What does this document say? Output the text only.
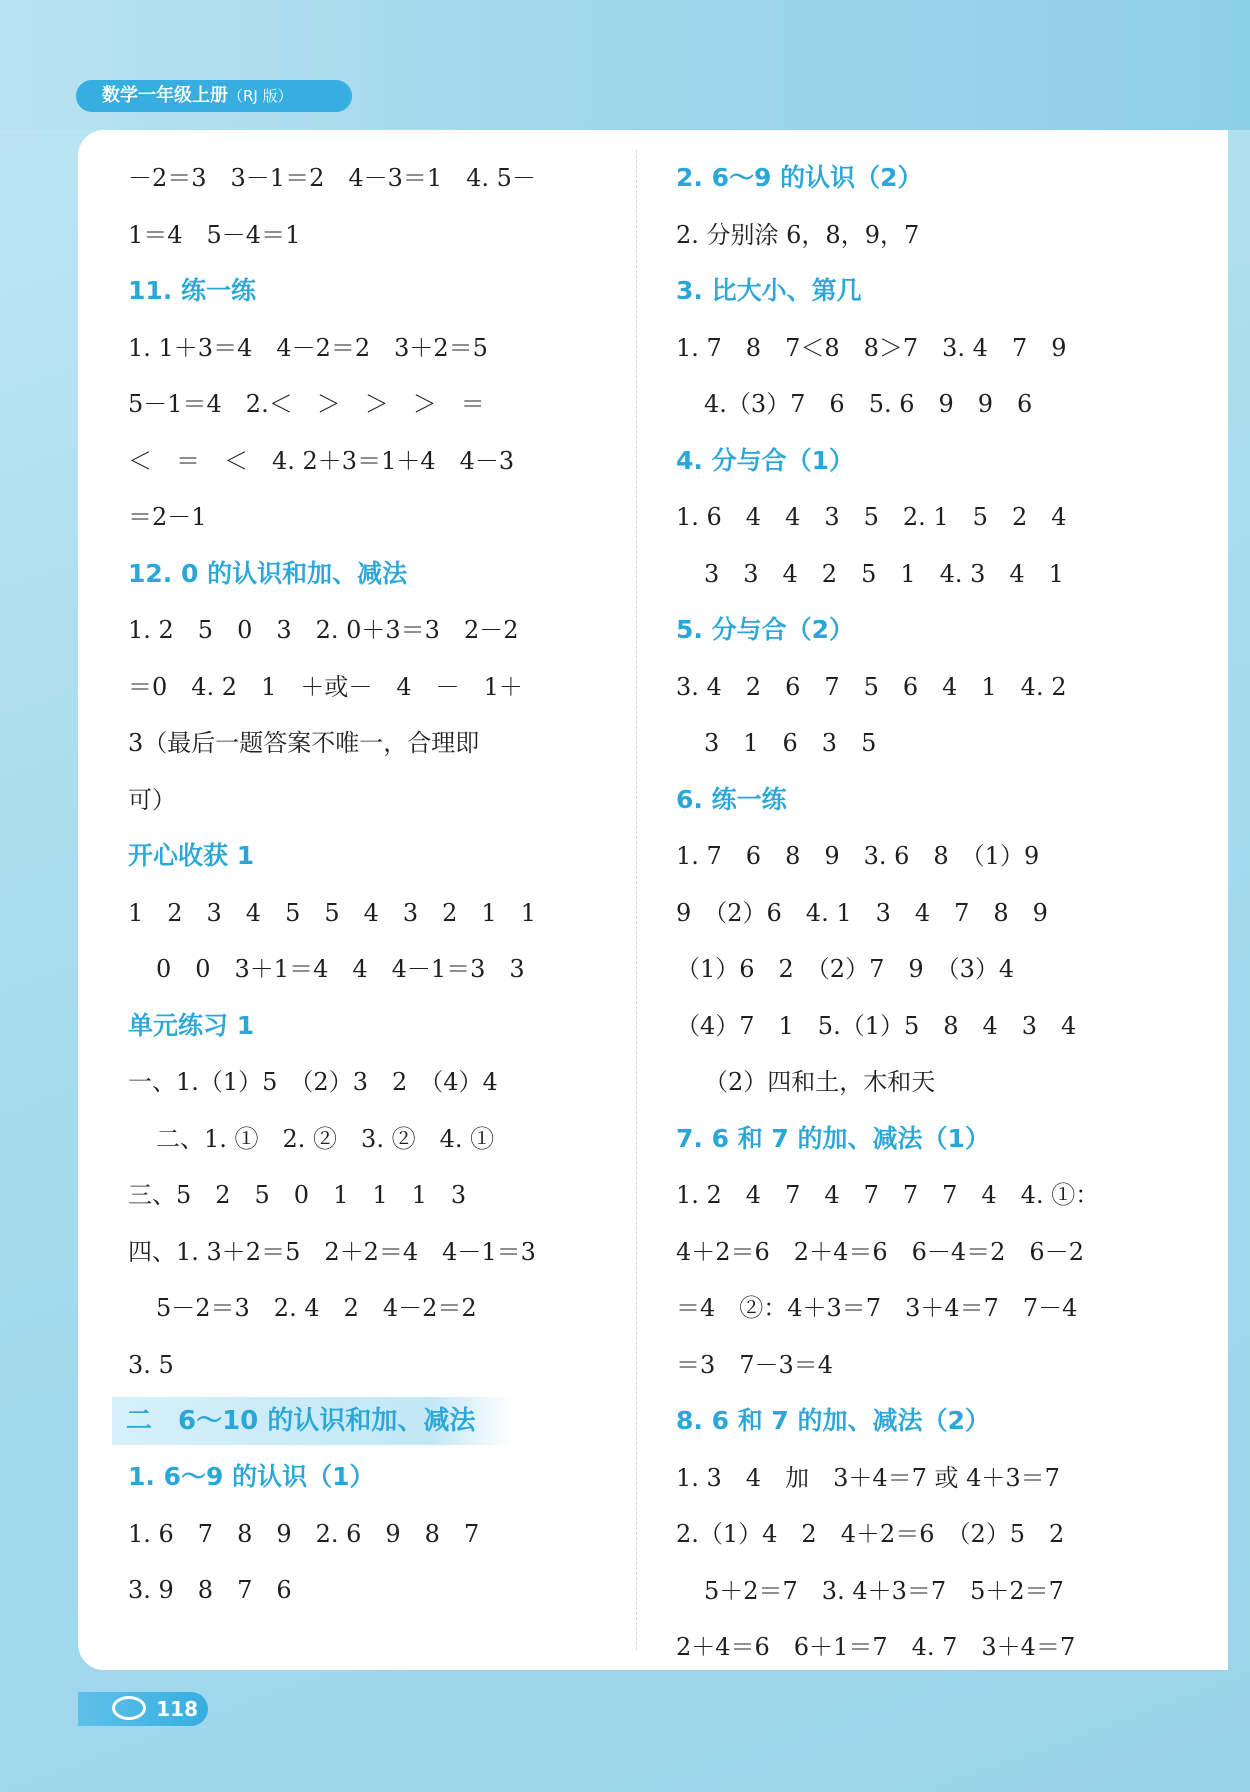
数学一年级上册（RJ 版）
－2＝3　3－1＝2　4－3＝1　4. 5－
1＝4　5－4＝1
11. 练一练
1. 1＋3＝4　4－2＝2　3＋2＝5
5－1＝4　2.＜　＞　＞　＞　＝
＜　＝　＜　4. 2＋3＝1＋4　4－3
＝2－1
12. 0 的认识和加、减法
1. 2　5　0　3　2. 0＋3＝3　2－2
＝0　4. 2　1　＋或－　4　－　1＋
3（最后一题答案不唯一，合理即
可）
开心收获 1
1　2　3　4　5　5　4　3　2　1　1
0　0　3＋1＝4　4　4－1＝3　3
单元练习 1
一、1.（1）5　（2）3　2　（4）4
二、1. ①　2. ②　3. ②　4. ①
三、5　2　5　0　1　1　1　3
四、1. 3＋2＝5　2＋2＝4　4－1＝3
5－2＝3　2. 4　2　4－2＝2
3. 5
二　6～10 的认识和加、减法
1. 6～9 的认识（1）
1. 6　7　8　9　2. 6　9　8　7
3. 9　8　7　6
2. 6～9 的认识（2）
2. 分别涂 6，8，9，7
3. 比大小、第几
1. 7　8　7＜8　8＞7　3. 4　7　9
4.（3）7　6　5. 6　9　9　6
4. 分与合（1）
1. 6　4　4　3　5　2. 1　5　2　4
3　3　4　2　5　1　4. 3　4　1
5. 分与合（2）
3. 4　2　6　7　5　6　4　1　4. 2
3　1　6　3　5
6. 练一练
1. 7　6　8　9　3. 6　8　（1）9
9　（2）6　4. 1　3　4　7　8　9
（1）6　2　（2）7　9　（3）4
（4）7　1　5.（1）5　8　4　3　4
（2）四和土，木和天
7. 6 和 7 的加、减法（1）
1. 2　4　7　4　7　7　7　4　4. ①：
4＋2＝6　2＋4＝6　6－4＝2　6－2
＝4　②：4＋3＝7　3＋4＝7　7－4
＝3　7－3＝4
8. 6 和 7 的加、减法（2）
1. 3　4　加　3＋4＝7 或 4＋3＝7
2.（1）4　2　4＋2＝6　（2）5　2
5＋2＝7　3. 4＋3＝7　5＋2＝7
2＋4＝6　6＋1＝7　4. 7　3＋4＝7
118
